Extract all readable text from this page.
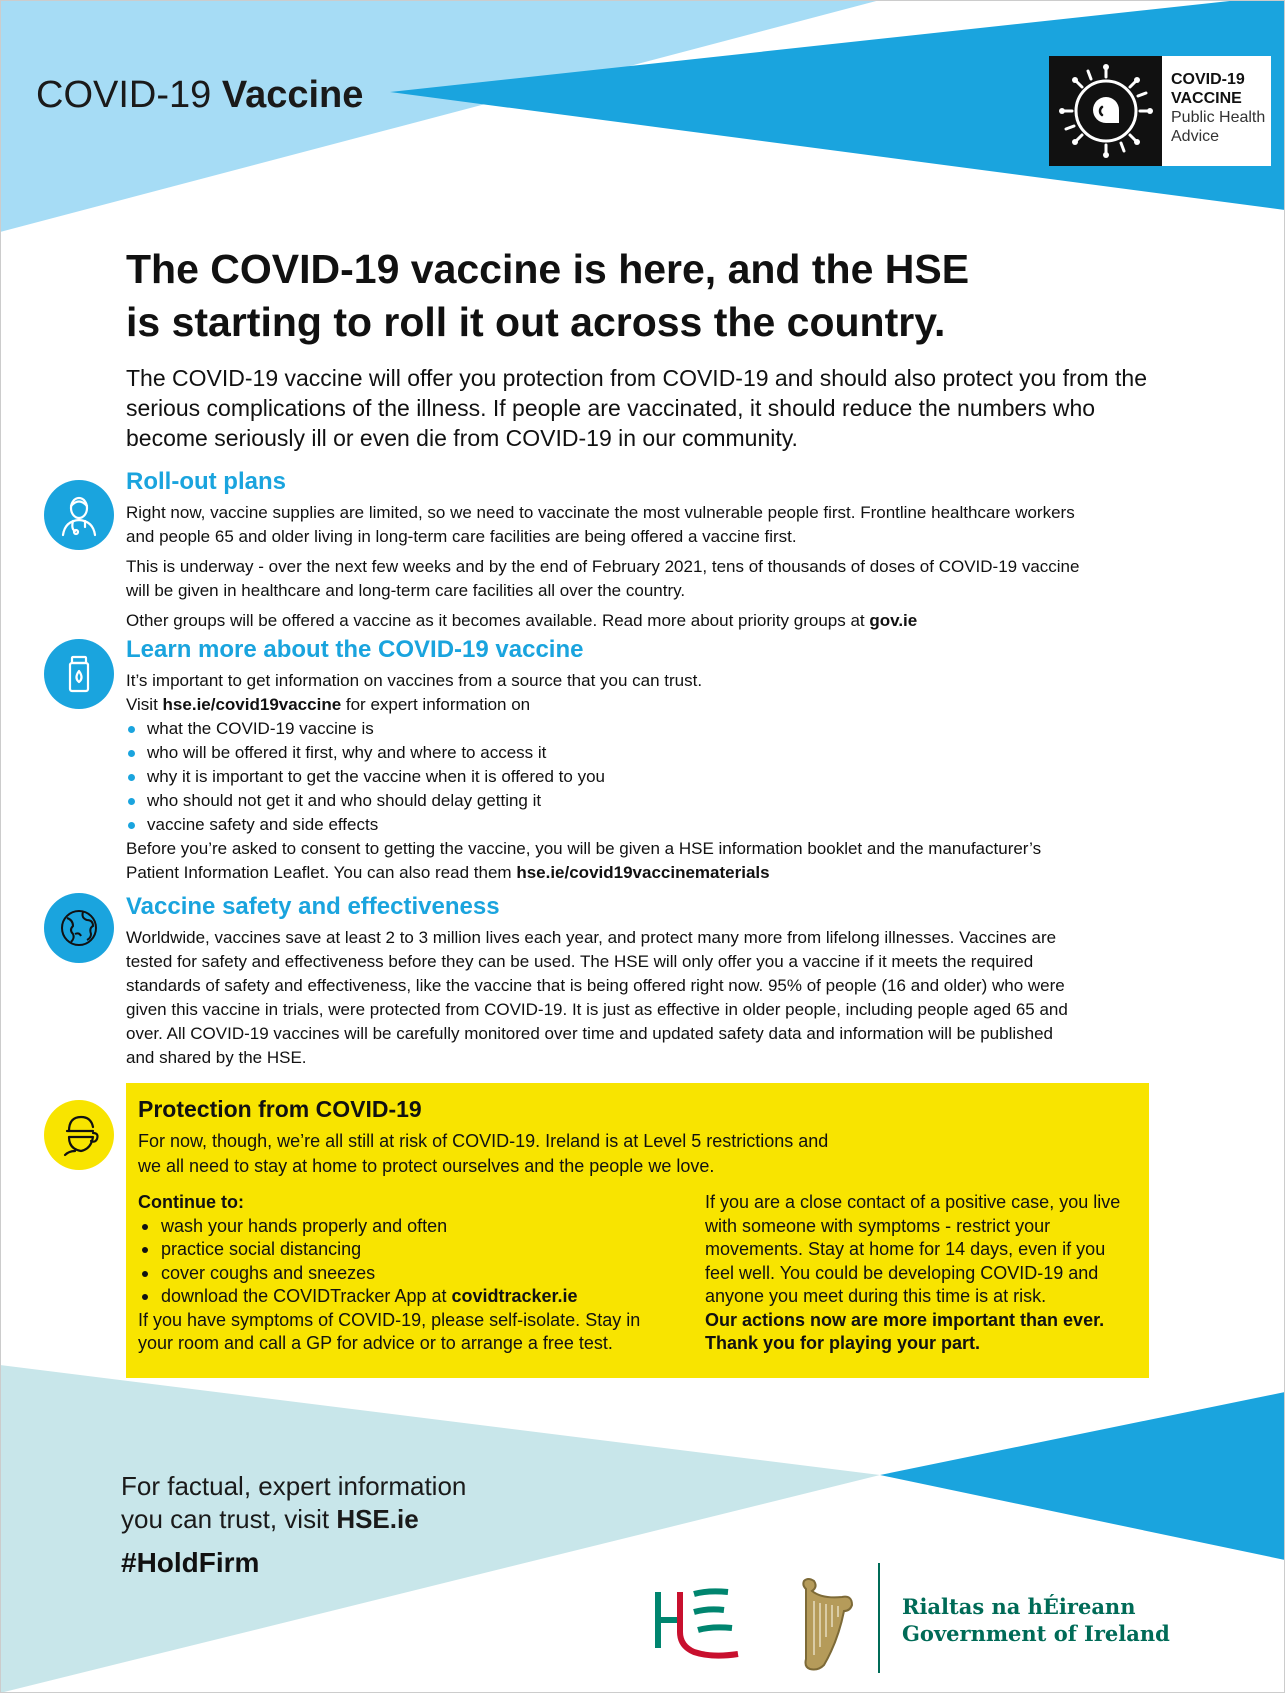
COVID-19 Vaccine	COVID-19
VACCINE
Public Health
Advice
The COVID-19 vaccine is here, and the HSE
is starting to roll it out across the country.
The COVID-19 vaccine will offer you protection from COVID-19 and should also protect you from the serious complications of the illness. If people are vaccinated, it should reduce the numbers who become seriously ill or even die from COVID-19 in our community.
Roll-out plans

Right now, vaccine supplies are limited, so we need to vaccinate the most vulnerable people first. Frontline healthcare workers and people 65 and older living in long-term care facilities are being offered a vaccine first.

This is underway - over the next few weeks and by the end of February 2021, tens of thousands of doses of COVID-19 vaccine will be given in healthcare and long-term care facilities all over the country.

Other groups will be offered a vaccine as it becomes available. Read more about priority groups at gov.ie

Learn more about the COVID-19 vaccine
It’s important to get information on vaccines from a source that you can trust.
Visit hse.ie/covid19vaccine for expert information on
what the COVID-19 vaccine is
who will be offered it first, why and where to access it
why it is important to get the vaccine when it is offered to you
who should not get it and who should delay getting it
vaccine safety and side effects
Before you’re asked to consent to getting the vaccine, you will be given a HSE information booklet and the manufacturer’s Patient Information Leaflet. You can also read them hse.ie/covid19vaccinematerials
Vaccine safety and effectiveness
Worldwide, vaccines save at least 2 to 3 million lives each year, and protect many more from lifelong illnesses. Vaccines are tested for safety and effectiveness before they can be used. The HSE will only offer you a vaccine if it meets the required standards of safety and effectiveness, like the vaccine that is being offered right now. 95% of people (16 and older) who were given this vaccine in trials, were protected from COVID-19. It is just as effective in older people, including people aged 65 and over. All COVID-19 vaccines will be carefully monitored over time and updated safety data and information will be published and shared by the HSE.
Protection from COVID-19
For now, though, we’re all still at risk of COVID-19. Ireland is at Level 5 restrictions and we all need to stay at home to protect ourselves and the people we love.
Continue to:
wash your hands properly and often
practice social distancing
cover coughs and sneezes
download the COVIDTracker App at covidtracker.ie
If you have symptoms of COVID-19, please self-isolate. Stay in your room and call a GP for advice or to arrange a free test.
If you are a close contact of a positive case, you live with someone with symptoms - restrict your movements. Stay at home for 14 days, even if you feel well. You could be developing COVID-19 and anyone you meet during this time is at risk.
Our actions now are more important than ever.
Thank you for playing your part.
For factual, expert information
you can trust, visit HSE.ie
#HoldFirm
Rialtas na hÉireann
Government of Ireland
